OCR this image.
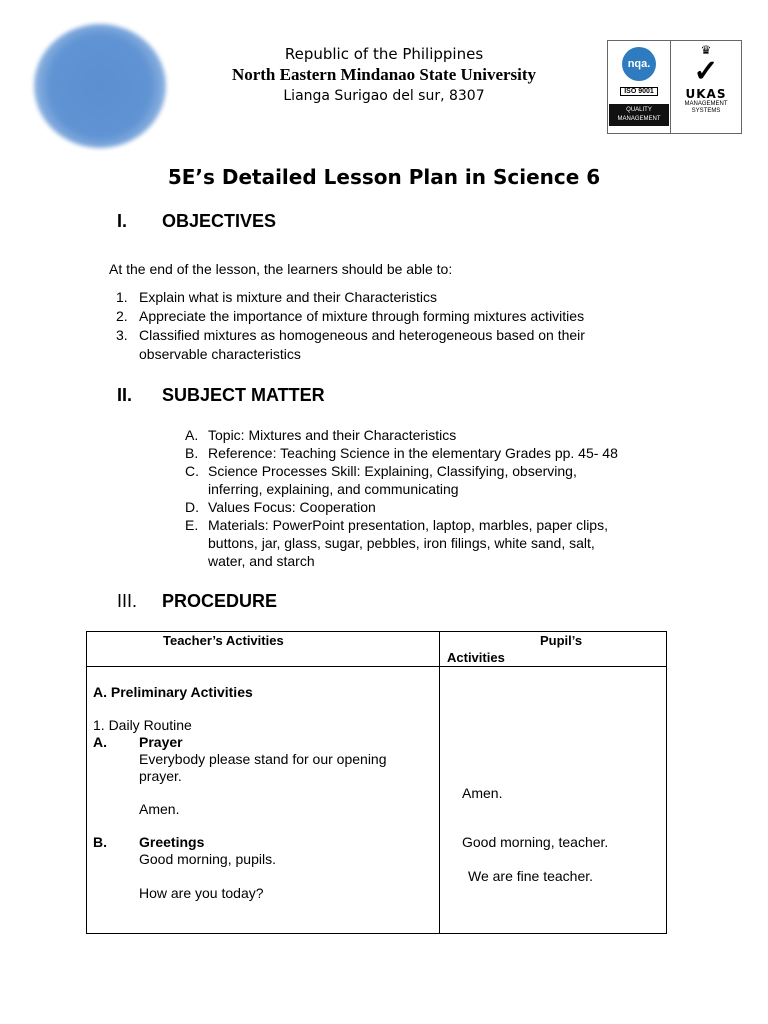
Republic of the Philippines
North Eastern Mindanao State University
Lianga Surigao del sur, 8307
nqa.
ISO 9001
QUALITY MANAGEMENT
♛
✓
UKAS
MANAGEMENT SYSTEMS
5E’s Detailed Lesson Plan in Science 6
I. OBJECTIVES
At the end of the lesson, the learners should be able to:
1. Explain what is mixture and their Characteristics
2. Appreciate the importance of mixture through forming mixtures activities
3. Classified mixtures as homogeneous and heterogeneous based on their
observable characteristics
II. SUBJECT MATTER
A. Topic: Mixtures and their Characteristics
B. Reference: Teaching Science in the elementary Grades pp. 45- 48
C. Science Processes Skill: Explaining, Classifying, observing,
inferring, explaining, and communicating
D. Values Focus: Cooperation
E. Materials: PowerPoint presentation, laptop, marbles, paper clips,
buttons, jar, glass, sugar, pebbles, iron filings, white sand, salt,
water, and starch
III. PROCEDURE
Teacher’s Activities	Pupil’s
Activities
A. Preliminary Activities
1. Daily Routine
A. Prayer
Everybody please stand for our opening
prayer.
Amen.
B. Greetings
Good morning, pupils.
How are you today?
Amen.
Good morning, teacher.
We are fine teacher.
